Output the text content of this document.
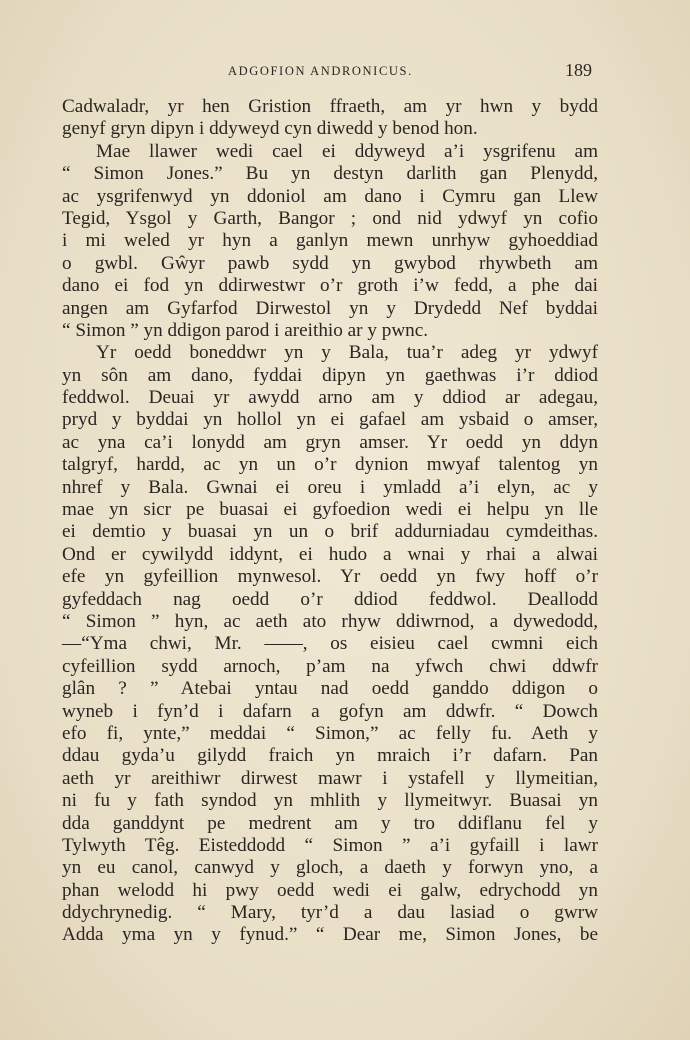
ADGOFION ANDRONICUS.	189
Cadwaladr, yr hen Gristion ffraeth, am yr hwn y bydd
genyf gryn dipyn i ddyweyd cyn diwedd y benod hon.
Mae llawer wedi cael ei ddyweyd a’i ysgrifenu am
“ Simon Jones.” Bu yn destyn darlith gan Plenydd,
ac ysgrifenwyd yn ddoniol am dano i Cymru gan Llew
Tegid, Ysgol y Garth, Bangor ; ond nid ydwyf yn cofio
i mi weled yr hyn a ganlyn mewn unrhyw gyhoeddiad
o gwbl. Gŵyr pawb sydd yn gwybod rhywbeth am
dano ei fod yn ddirwestwr o’r groth i’w fedd, a phe dai
angen am Gyfarfod Dirwestol yn y Drydedd Nef byddai
“ Simon ” yn ddigon parod i areithio ar y pwnc.
Yr oedd boneddwr yn y Bala, tua’r adeg yr ydwyf
yn sôn am dano, fyddai dipyn yn gaethwas i’r ddiod
feddwol. Deuai yr awydd arno am y ddiod ar adegau,
pryd y byddai yn hollol yn ei gafael am ysbaid o amser,
ac yna ca’i lonydd am gryn amser. Yr oedd yn ddyn
talgryf, hardd, ac yn un o’r dynion mwyaf talentog yn
nhref y Bala. Gwnai ei oreu i ymladd a’i elyn, ac y
mae yn sicr pe buasai ei gyfoedion wedi ei helpu yn lle
ei demtio y buasai yn un o brif addurniadau cymdeithas.
Ond er cywilydd iddynt, ei hudo a wnai y rhai a alwai
efe yn gyfeillion mynwesol. Yr oedd yn fwy hoff o’r
gyfeddach nag oedd o’r ddiod feddwol. Deallodd
“ Simon ” hyn, ac aeth ato rhyw ddiwrnod, a dywedodd,
—“Yma chwi, Mr. ——, os eisieu cael cwmni eich
cyfeillion sydd arnoch, p’am na yfwch chwi ddwfr
glân ? ” Atebai yntau nad oedd ganddo ddigon o
wyneb i fyn’d i dafarn a gofyn am ddwfr. “ Dowch
efo fi, ynte,” meddai “ Simon,” ac felly fu. Aeth y
ddau gyda’u gilydd fraich yn mraich i’r dafarn. Pan
aeth yr areithiwr dirwest mawr i ystafell y llymeitian,
ni fu y fath syndod yn mhlith y llymeitwyr. Buasai yn
dda ganddynt pe medrent am y tro ddiflanu fel y
Tylwyth Têg. Eisteddodd “ Simon ” a’i gyfaill i lawr
yn eu canol, canwyd y gloch, a daeth y forwyn yno, a
phan welodd hi pwy oedd wedi ei galw, edrychodd yn
ddychrynedig. “ Mary, tyr’d a dau lasiad o gwrw
Adda yma yn y fynud.” “ Dear me, Simon Jones, be
